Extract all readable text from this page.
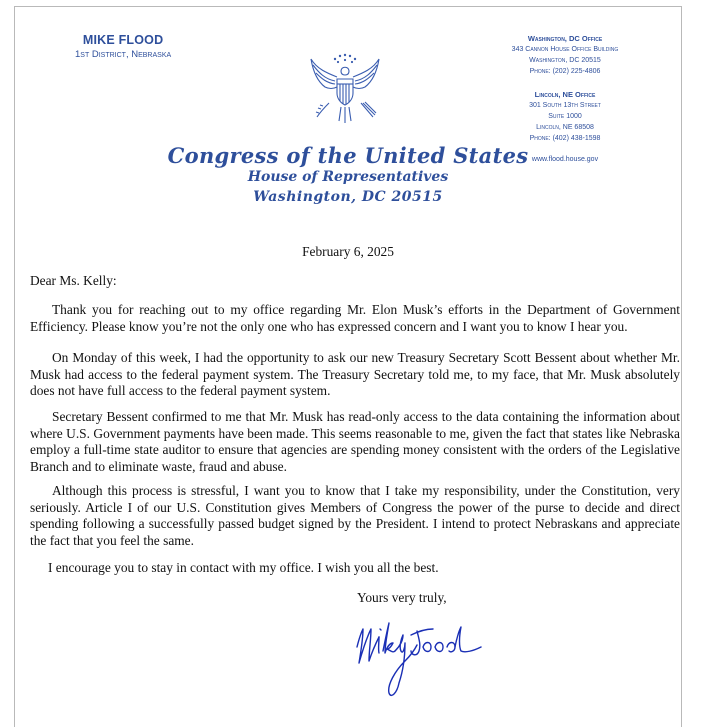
MIKE FLOOD
1st District, Nebraska
Washington, DC Office
343 Cannon House Office Building
Washington, DC 20515
Phone: (202) 225-4806
Lincoln, NE Office
301 South 13th Street
Suite 1000
Lincoln, NE 68508
Phone: (402) 438-1598
www.flood.house.gov
Congress of the United States
House of Representatives
Washington, DC 20515
February 6, 2025
Dear Ms. Kelly:
Thank you for reaching out to my office regarding Mr. Elon Musk’s efforts in the Department of Government Efficiency. Please know you’re not the only one who has expressed concern and I want you to know I hear you.
On Monday of this week, I had the opportunity to ask our new Treasury Secretary Scott Bessent about whether Mr. Musk had access to the federal payment system. The Treasury Secretary told me, to my face, that Mr. Musk absolutely does not have full access to the federal payment system.
Secretary Bessent confirmed to me that Mr. Musk has read-only access to the data containing the information about where U.S. Government payments have been made. This seems reasonable to me, given the fact that states like Nebraska employ a full-time state auditor to ensure that agencies are spending money consistent with the orders of the Legislative Branch and to eliminate waste, fraud and abuse.
Although this process is stressful, I want you to know that I take my responsibility, under the Constitution, very seriously. Article I of our U.S. Constitution gives Members of Congress the power of the purse to decide and direct spending following a successfully passed budget signed by the President. I intend to protect Nebraskans and appreciate the fact that you feel the same.
I encourage you to stay in contact with my office. I wish you all the best.
Yours very truly,
